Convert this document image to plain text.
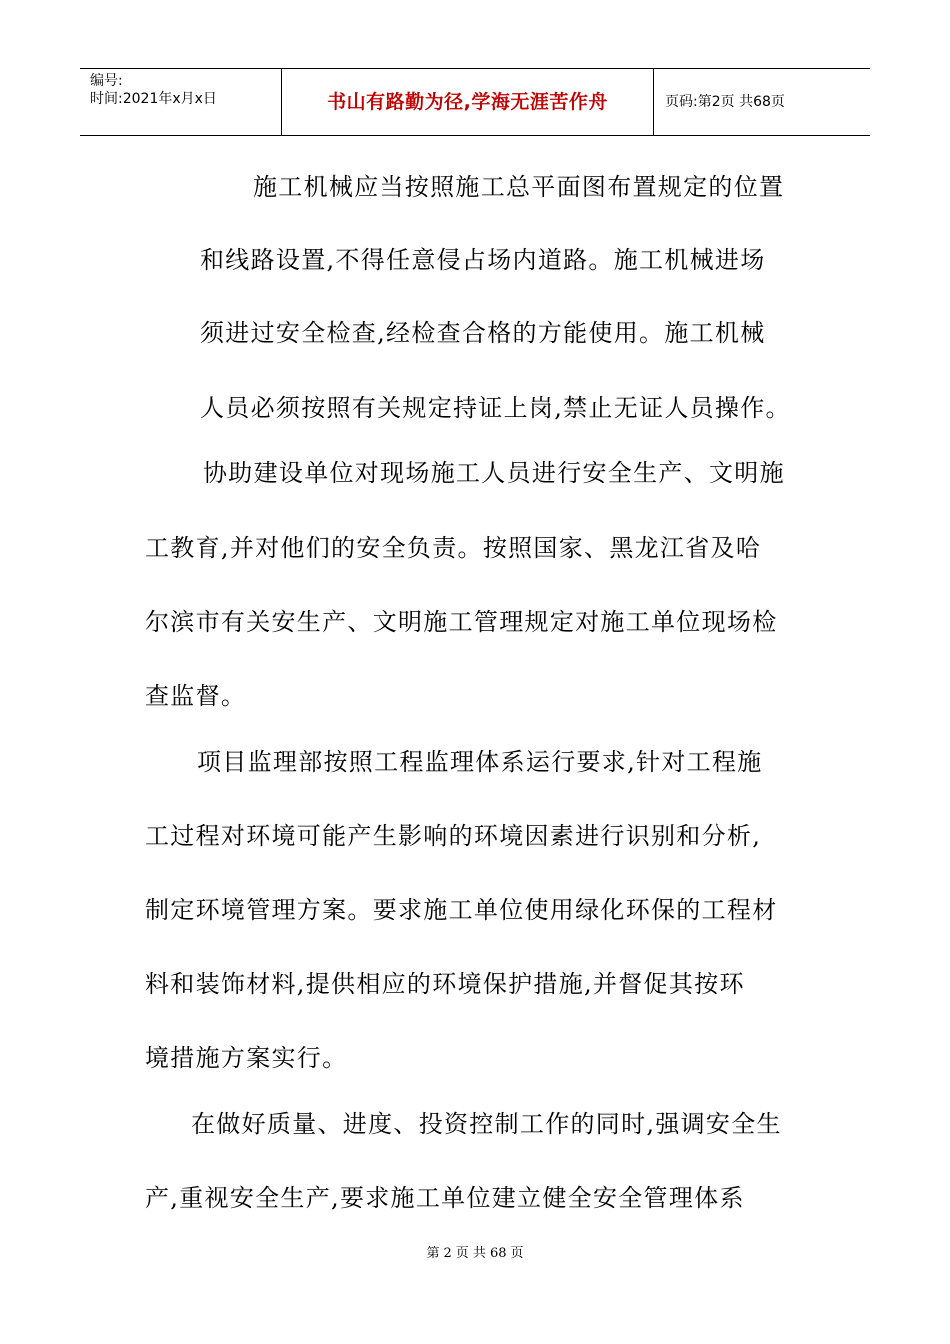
编号:
时间:2021年x月x日	书山有路勤为径,学海无涯苦作舟	页码:第2页 共68页
施工机械应当按照施工总平面图布置规定的位置
和线路设置,不得任意侵占场内道路。施工机械进场
须进过安全检查,经检查合格的方能使用。施工机械
人员必须按照有关规定持证上岗,禁止无证人员操作。
协助建设单位对现场施工人员进行安全生产、文明施
工教育,并对他们的安全负责。按照国家、黑龙江省及哈
尔滨市有关安生产、文明施工管理规定对施工单位现场检
查监督。
项目监理部按照工程监理体系运行要求,针对工程施
工过程对环境可能产生影响的环境因素进行识别和分析,
制定环境管理方案。要求施工单位使用绿化环保的工程材
料和装饰材料,提供相应的环境保护措施,并督促其按环
境措施方案实行。
在做好质量、进度、投资控制工作的同时,强调安全生
产,重视安全生产,要求施工单位建立健全安全管理体系
第 2 页 共 68 页
